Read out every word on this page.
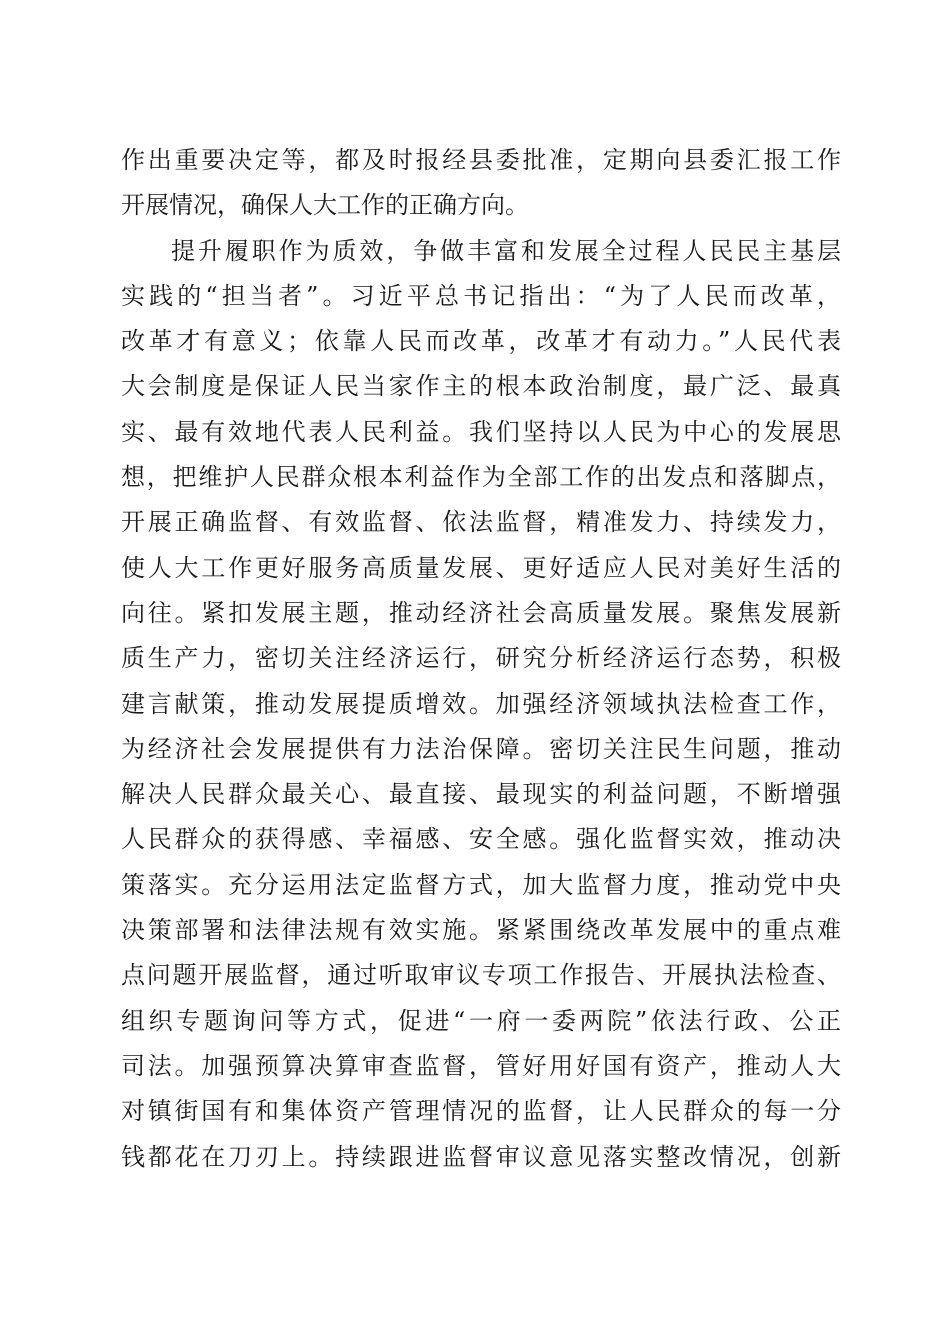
作出重要决定等，都及时报经县委批准，定期向县委汇报工作
开展情况，确保人大工作的正确方向。
提升履职作为质效，争做丰富和发展全过程人民民主基层
实践的“担当者”。习近平总书记指出：“为了人民而改革，
改革才有意义；依靠人民而改革，改革才有动力。”人民代表
大会制度是保证人民当家作主的根本政治制度，最广泛、最真
实、最有效地代表人民利益。我们坚持以人民为中心的发展思
想，把维护人民群众根本利益作为全部工作的出发点和落脚点，
开展正确监督、有效监督、依法监督，精准发力、持续发力，
使人大工作更好服务高质量发展、更好适应人民对美好生活的
向往。紧扣发展主题，推动经济社会高质量发展。聚焦发展新
质生产力，密切关注经济运行，研究分析经济运行态势，积极
建言献策，推动发展提质增效。加强经济领域执法检查工作，
为经济社会发展提供有力法治保障。密切关注民生问题，推动
解决人民群众最关心、最直接、最现实的利益问题，不断增强
人民群众的获得感、幸福感、安全感。强化监督实效，推动决
策落实。充分运用法定监督方式，加大监督力度，推动党中央
决策部署和法律法规有效实施。紧紧围绕改革发展中的重点难
点问题开展监督，通过听取审议专项工作报告、开展执法检查、
组织专题询问等方式，促进“一府一委两院”依法行政、公正
司法。加强预算决算审查监督，管好用好国有资产，推动人大
对镇街国有和集体资产管理情况的监督，让人民群众的每一分
钱都花在刀刃上。持续跟进监督审议意见落实整改情况，创新
